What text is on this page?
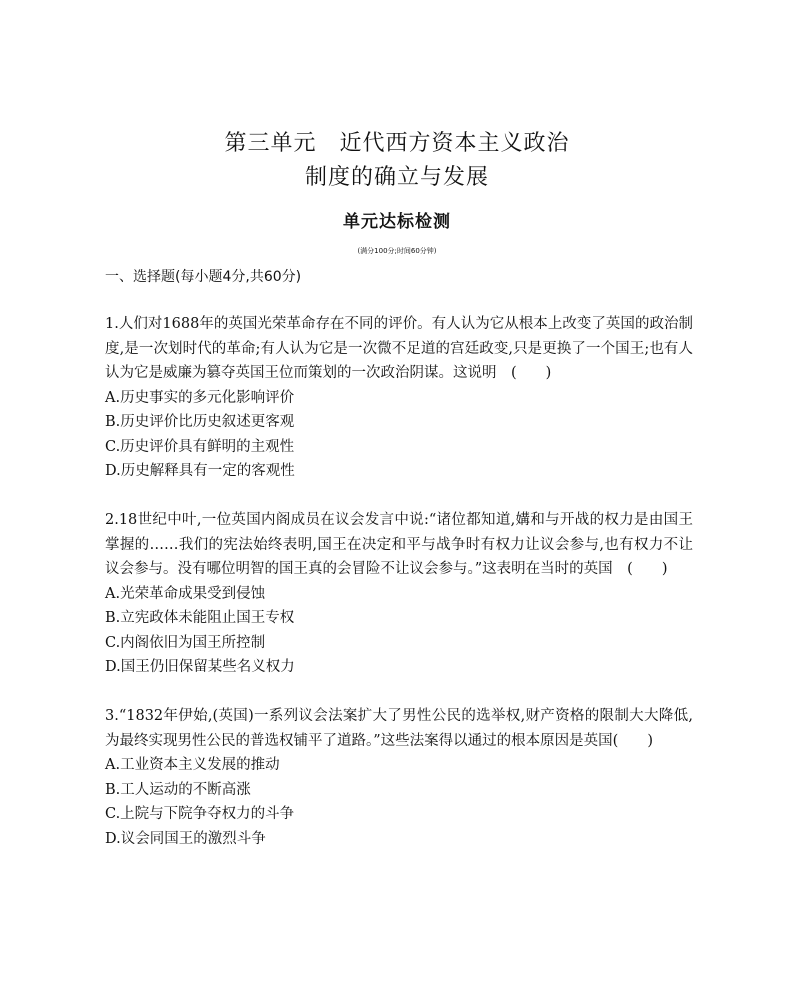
第三单元　近代西方资本主义政治
制度的确立与发展
单元达标检测
(满分100分;时间60分钟)
一、选择题(每小题4分,共60分)

1.人们对1688年的英国光荣革命存在不同的评价。有人认为它从根本上改变了英国的政治制度,是一次划时代的革命;有人认为它是一次微不足道的宫廷政变,只是更换了一个国王;也有人认为它是威廉为篡夺英国王位而策划的一次政治阴谋。这说明　(　　)

A.历史事实的多元化影响评价

B.历史评价比历史叙述更客观

C.历史评价具有鲜明的主观性

D.历史解释具有一定的客观性

2.18世纪中叶,一位英国内阁成员在议会发言中说:“诸位都知道,媾和与开战的权力是由国王掌握的……我们的宪法始终表明,国王在决定和平与战争时有权力让议会参与,也有权力不让议会参与。没有哪位明智的国王真的会冒险不让议会参与。”这表明在当时的英国　(　　)

A.光荣革命成果受到侵蚀

B.立宪政体未能阻止国王专权

C.内阁依旧为国王所控制

D.国王仍旧保留某些名义权力

3.“1832年伊始,(英国)一系列议会法案扩大了男性公民的选举权,财产资格的限制大大降低,为最终实现男性公民的普选权铺平了道路。”这些法案得以通过的根本原因是英国(　　)

A.工业资本主义发展的推动

B.工人运动的不断高涨

C.上院与下院争夺权力的斗争

D.议会同国王的激烈斗争
